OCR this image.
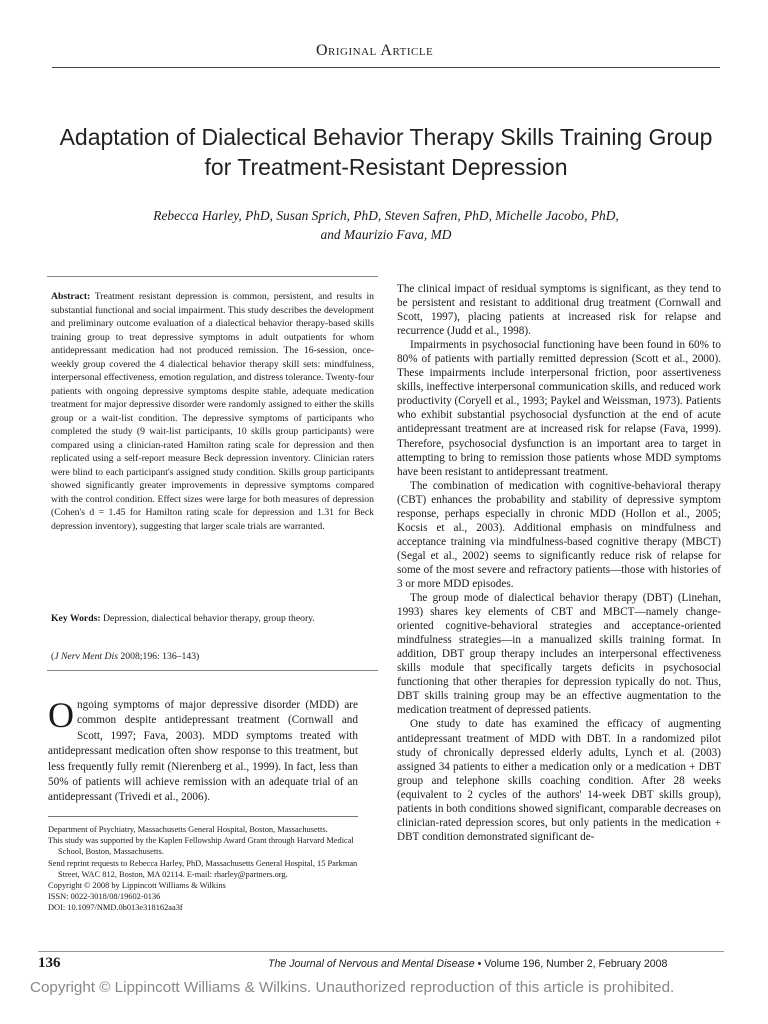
Original Article
Adaptation of Dialectical Behavior Therapy Skills Training Group for Treatment-Resistant Depression
Rebecca Harley, PhD, Susan Sprich, PhD, Steven Safren, PhD, Michelle Jacobo, PhD,
and Maurizio Fava, MD
Abstract: Treatment resistant depression is common, persistent, and results in substantial functional and social impairment. This study describes the development and preliminary outcome evaluation of a dialectical behavior therapy-based skills training group to treat depressive symptoms in adult outpatients for whom antidepressant medication had not produced remission. The 16-session, once-weekly group covered the 4 dialectical behavior therapy skill sets: mindfulness, interpersonal effectiveness, emotion regulation, and distress tolerance. Twenty-four patients with ongoing depressive symptoms despite stable, adequate medication treatment for major depressive disorder were randomly assigned to either the skills group or a wait-list condition. The depressive symptoms of participants who completed the study (9 wait-list participants, 10 skills group participants) were compared using a clinician-rated Hamilton rating scale for depression and then replicated using a self-report measure Beck depression inventory. Clinician raters were blind to each participant's assigned study condition. Skills group participants showed significantly greater improvements in depressive symptoms compared with the control condition. Effect sizes were large for both measures of depression (Cohen's d = 1.45 for Hamilton rating scale for depression and 1.31 for Beck depression inventory), suggesting that larger scale trials are warranted.
Key Words: Depression, dialectical behavior therapy, group theory.
(J Nerv Ment Dis 2008;196: 136–143)
Ongoing symptoms of major depressive disorder (MDD) are common despite antidepressant treatment (Cornwall and Scott, 1997; Fava, 2003). MDD symptoms treated with antidepressant medication often show response to this treatment, but less frequently fully remit (Nierenberg et al., 1999). In fact, less than 50% of patients will achieve remission with an adequate trial of an antidepressant (Trivedi et al., 2006).

Department of Psychiatry, Massachusetts General Hospital, Boston, Massachusetts.

This study was supported by the Kaplen Fellowship Award Grant through Harvard Medical School, Boston, Massachusetts.

Send reprint requests to Rebecca Harley, PhD, Massachusetts General Hospital, 15 Parkman Street, WAC 812, Boston, MA 02114. E-mail: rharley@partners.org.

Copyright © 2008 by Lippincott Williams & Wilkins

ISSN: 0022-3018/08/19602-0136

DOI: 10.1097/NMD.0b013e318162aa3f

The clinical impact of residual symptoms is significant, as they tend to be persistent and resistant to additional drug treatment (Cornwall and Scott, 1997), placing patients at increased risk for relapse and recurrence (Judd et al., 1998).

Impairments in psychosocial functioning have been found in 60% to 80% of patients with partially remitted depression (Scott et al., 2000). These impairments include interpersonal friction, poor assertiveness skills, ineffective interpersonal communication skills, and reduced work productivity (Coryell et al., 1993; Paykel and Weissman, 1973). Patients who exhibit substantial psychosocial dysfunction at the end of acute antidepressant treatment are at increased risk for relapse (Fava, 1999). Therefore, psychosocial dysfunction is an important area to target in attempting to bring to remission those patients whose MDD symptoms have been resistant to antidepressant treatment.

The combination of medication with cognitive-behavioral therapy (CBT) enhances the probability and stability of depressive symptom response, perhaps especially in chronic MDD (Hollon et al., 2005; Kocsis et al., 2003). Additional emphasis on mindfulness and acceptance training via mindfulness-based cognitive therapy (MBCT) (Segal et al., 2002) seems to significantly reduce risk of relapse for some of the most severe and refractory patients—those with histories of 3 or more MDD episodes.

The group mode of dialectical behavior therapy (DBT) (Linehan, 1993) shares key elements of CBT and MBCT—namely change-oriented cognitive-behavioral strategies and acceptance-oriented mindfulness strategies—in a manualized skills training format. In addition, DBT group therapy includes an interpersonal effectiveness skills module that specifically targets deficits in psychosocial functioning that other therapies for depression typically do not. Thus, DBT skills training group may be an effective augmentation to the medication treatment of depressed patients.

One study to date has examined the efficacy of augmenting antidepressant treatment of MDD with DBT. In a randomized pilot study of chronically depressed elderly adults, Lynch et al. (2003) assigned 34 patients to either a medication only or a medication + DBT group and telephone skills coaching condition. After 28 weeks (equivalent to 2 cycles of the authors' 14-week DBT skills group), patients in both conditions showed significant, comparable decreases on clinician-rated depression scores, but only patients in the medication + DBT condition demonstrated significant de-

136	The Journal of Nervous and Mental Disease • Volume 196, Number 2, February 2008
Copyright © Lippincott Williams & Wilkins. Unauthorized reproduction of this article is prohibited.
